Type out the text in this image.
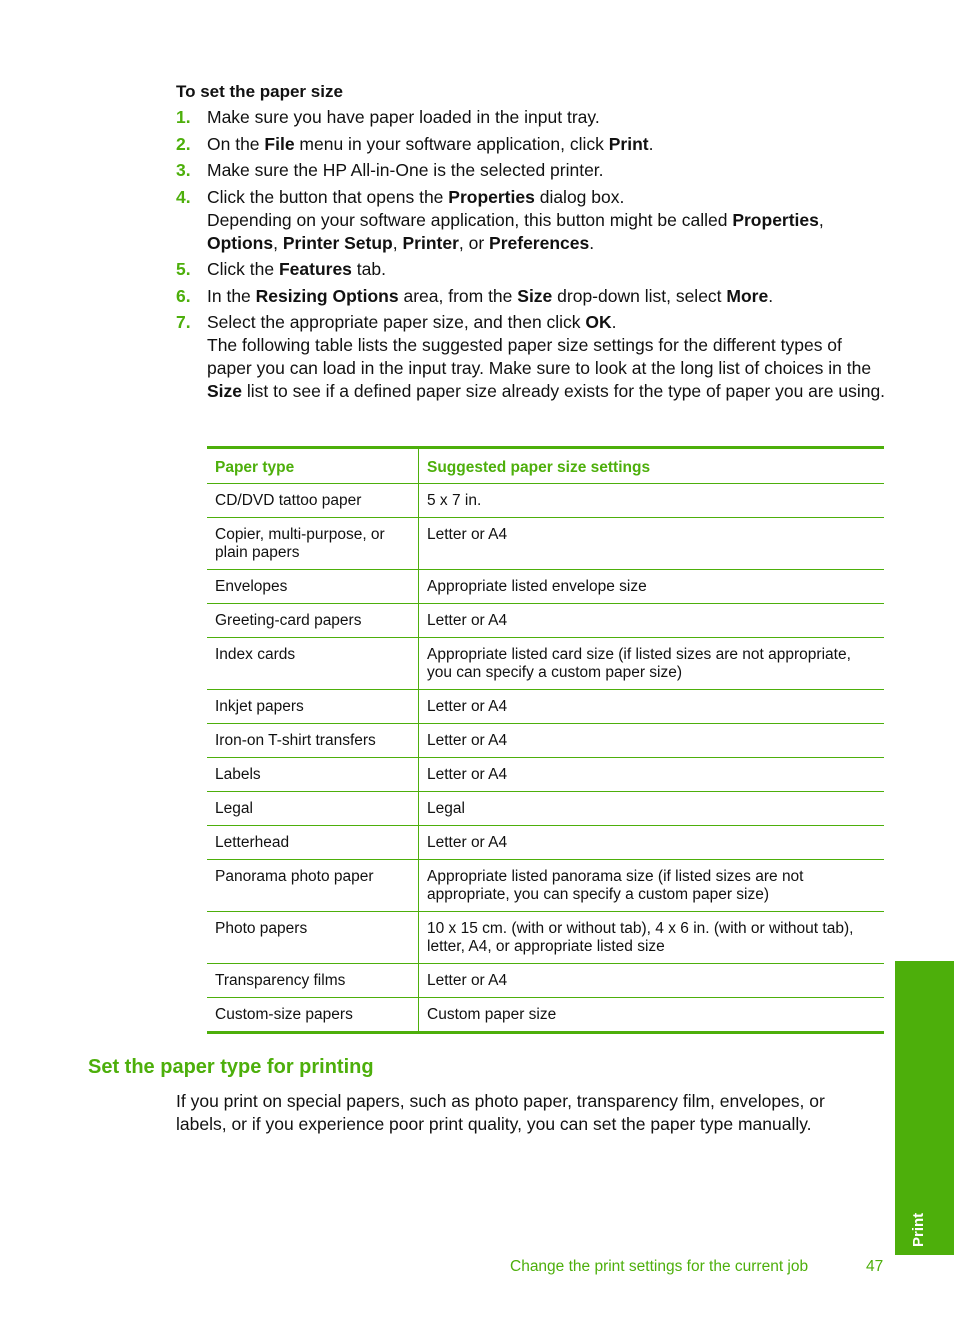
To set the paper size
1. Make sure you have paper loaded in the input tray.

2. On the File menu in your software application, click Print.

3. Make sure the HP All-in-One is the selected printer.

4. Click the button that opens the Properties dialog box.

Depending on your software application, this button might be called Properties, Options, Printer Setup, Printer, or Preferences.

5. Click the Features tab.

6. In the Resizing Options area, from the Size drop-down list, select More.

7. Select the appropriate paper size, and then click OK.

The following table lists the suggested paper size settings for the different types of paper you can load in the input tray. Make sure to look at the long list of choices in the Size list to see if a defined paper size already exists for the type of paper you are using.

Paper type	Suggested paper size settings
CD/DVD tattoo paper	5 x 7 in.
Copier, multi-purpose, or plain papers	Letter or A4
Envelopes	Appropriate listed envelope size
Greeting-card papers	Letter or A4
Index cards	Appropriate listed card size (if listed sizes are not appropriate, you can specify a custom paper size)
Inkjet papers	Letter or A4
Iron-on T-shirt transfers	Letter or A4
Labels	Letter or A4
Legal	Legal
Letterhead	Letter or A4
Panorama photo paper	Appropriate listed panorama size (if listed sizes are not appropriate, you can specify a custom paper size)
Photo papers	10 x 15 cm. (with or without tab), 4 x 6 in. (with or without tab), letter, A4, or appropriate listed size
Transparency films	Letter or A4
Custom-size papers	Custom paper size
Set the paper type for printing

If you print on special papers, such as photo paper, transparency film, envelopes, or labels, or if you experience poor print quality, you can set the paper type manually.

Print
Change the print settings for the current job	47
